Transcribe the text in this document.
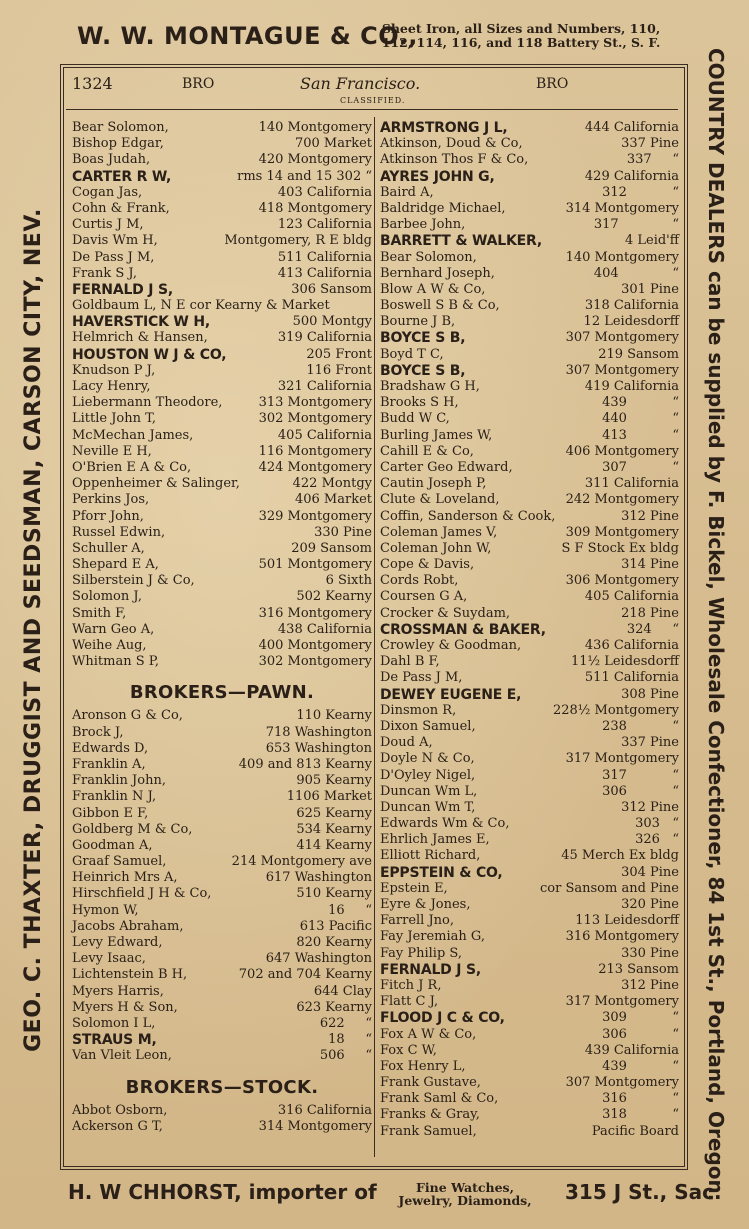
W. W. MONTAGUE & CO.,
Sheet Iron, all Sizes and Numbers, 110,
112, 114, 116, and 118 Battery St., S. F.
GEO. C. THAXTER, DRUGGIST AND SEEDSMAN, CARSON CITY, NEV.	COUNTRY DEALERS can be supplied by F. Bickel, Wholesale Confectioner, 84 1st St., Portland, Oregon.
1324	BRO	San Francisco.	BRO
CLASSIFIED.
Bear Solomon,	140 Montgomery
Bishop Edgar,	700 Market
Boas Judah,	420 Montgomery
CARTER R W,	rms 14 and 15 302 “
Cogan Jas,	403 California
Cohn & Frank,	418 Montgomery
Curtis J M,	123 California
Davis Wm H,	Montgomery, R E bldg
De Pass J M,	511 California
Frank S J,	413 California
FERNALD J S,	306 Sansom
Goldbaum L, N E cor Kearny & Market
HAVERSTICK W H,	500 Montgy
Helmrich & Hansen,	319 California
HOUSTON W J & CO,	205 Front
Knudson P J,	116 Front
Lacy Henry,	321 California
Liebermann Theodore,	313 Montgomery
Little John T,	302 Montgomery
McMechan James,	405 California
Neville E H,	116 Montgomery
O'Brien E A & Co,	424 Montgomery
Oppenheimer & Salinger,	422 Montgy
Perkins Jos,	406 Market
Pforr John,	329 Montgomery
Russel Edwin,	330 Pine
Schuller A,	209 Sansom
Shepard E A,	501 Montgomery
Silberstein J & Co,	6 Sixth
Solomon J,	502 Kearny
Smith F,	316 Montgomery
Warn Geo A,	438 California
Weihe Aug,	400 Montgomery
Whitman S P,	302 Montgomery
BROKERS—PAWN.
Aronson G & Co,	110 Kearny
Brock J,	718 Washington
Edwards D,	653 Washington
Franklin A,	409 and 813 Kearny
Franklin John,	905 Kearny
Franklin N J,	1106 Market
Gibbon E F,	625 Kearny
Goldberg M & Co,	534 Kearny
Goodman A,	414 Kearny
Graaf Samuel,	214 Montgomery ave
Heinrich Mrs A,	617 Washington
Hirschfield J H & Co,	510 Kearny
Hymon W,	16     “
Jacobs Abraham,	613 Pacific
Levy Edward,	820 Kearny
Levy Isaac,	647 Washington
Lichtenstein B H,	702 and 704 Kearny
Myers Harris,	644 Clay
Myers H & Son,	623 Kearny
Solomon I L,	622     “
STRAUS M,	18     “
Van Vleit Leon,	506     “
BROKERS—STOCK.
Abbot Osborn,	316 California
Ackerson G T,	314 Montgomery
ARMSTRONG J L,	444 California
Atkinson, Doud & Co,	337 Pine
Atkinson Thos F & Co,	337     “
AYRES JOHN G,	429 California
Baird A,	312           “
Baldridge Michael,	314 Montgomery
Barbee John,	317             “
BARRETT & WALKER,	4 Leid'ff
Bear Solomon,	140 Montgomery
Bernhard Joseph,	404             “
Blow A W & Co,	301 Pine
Boswell S B & Co,	318 California
Bourne J B,	12 Leidesdorff
BOYCE S B,	307 Montgomery
Boyd T C,	219 Sansom
BOYCE S B,	307 Montgomery
Bradshaw G H,	419 California
Brooks S H,	439           “
Budd W C,	440           “
Burling James W,	413           “
Cahill E & Co,	406 Montgomery
Carter Geo Edward,	307           “
Cautin Joseph P,	311 California
Clute & Loveland,	242 Montgomery
Coffin, Sanderson & Cook,	312 Pine
Coleman James V,	309 Montgomery
Coleman John W,	S F Stock Ex bldg
Cope & Davis,	314 Pine
Cords Robt,	306 Montgomery
Coursen G A,	405 California
Crocker & Suydam,	218 Pine
CROSSMAN & BAKER,	324     “
Crowley & Goodman,	436 California
Dahl B F,	11½ Leidesdorff
De Pass J M,	511 California
DEWEY EUGENE E,	308 Pine
Dinsmon R,	228½ Montgomery
Dixon Samuel,	238           “
Doud A,	337 Pine
Doyle N & Co,	317 Montgomery
D'Oyley Nigel,	317           “
Duncan Wm L,	306           “
Duncan Wm T,	312 Pine
Edwards Wm & Co,	303   “
Ehrlich James E,	326   “
Elliott Richard,	45 Merch Ex bldg
EPPSTEIN & CO,	304 Pine
Epstein E,	cor Sansom and Pine
Eyre & Jones,	320 Pine
Farrell Jno,	113 Leidesdorff
Fay Jeremiah G,	316 Montgomery
Fay Philip S,	330 Pine
FERNALD J S,	213 Sansom
Fitch J R,	312 Pine
Flatt C J,	317 Montgomery
FLOOD J C & CO,	309           “
Fox A W & Co,	306           “
Fox C W,	439 California
Fox Henry L,	439           “
Frank Gustave,	307 Montgomery
Frank Saml & Co,	316           “
Franks & Gray,	318           “
Frank Samuel,	Pacific Board
H. W CHHORST, importer of	Fine Watches,
Jewelry, Diamonds,	315 J St., Sac.
